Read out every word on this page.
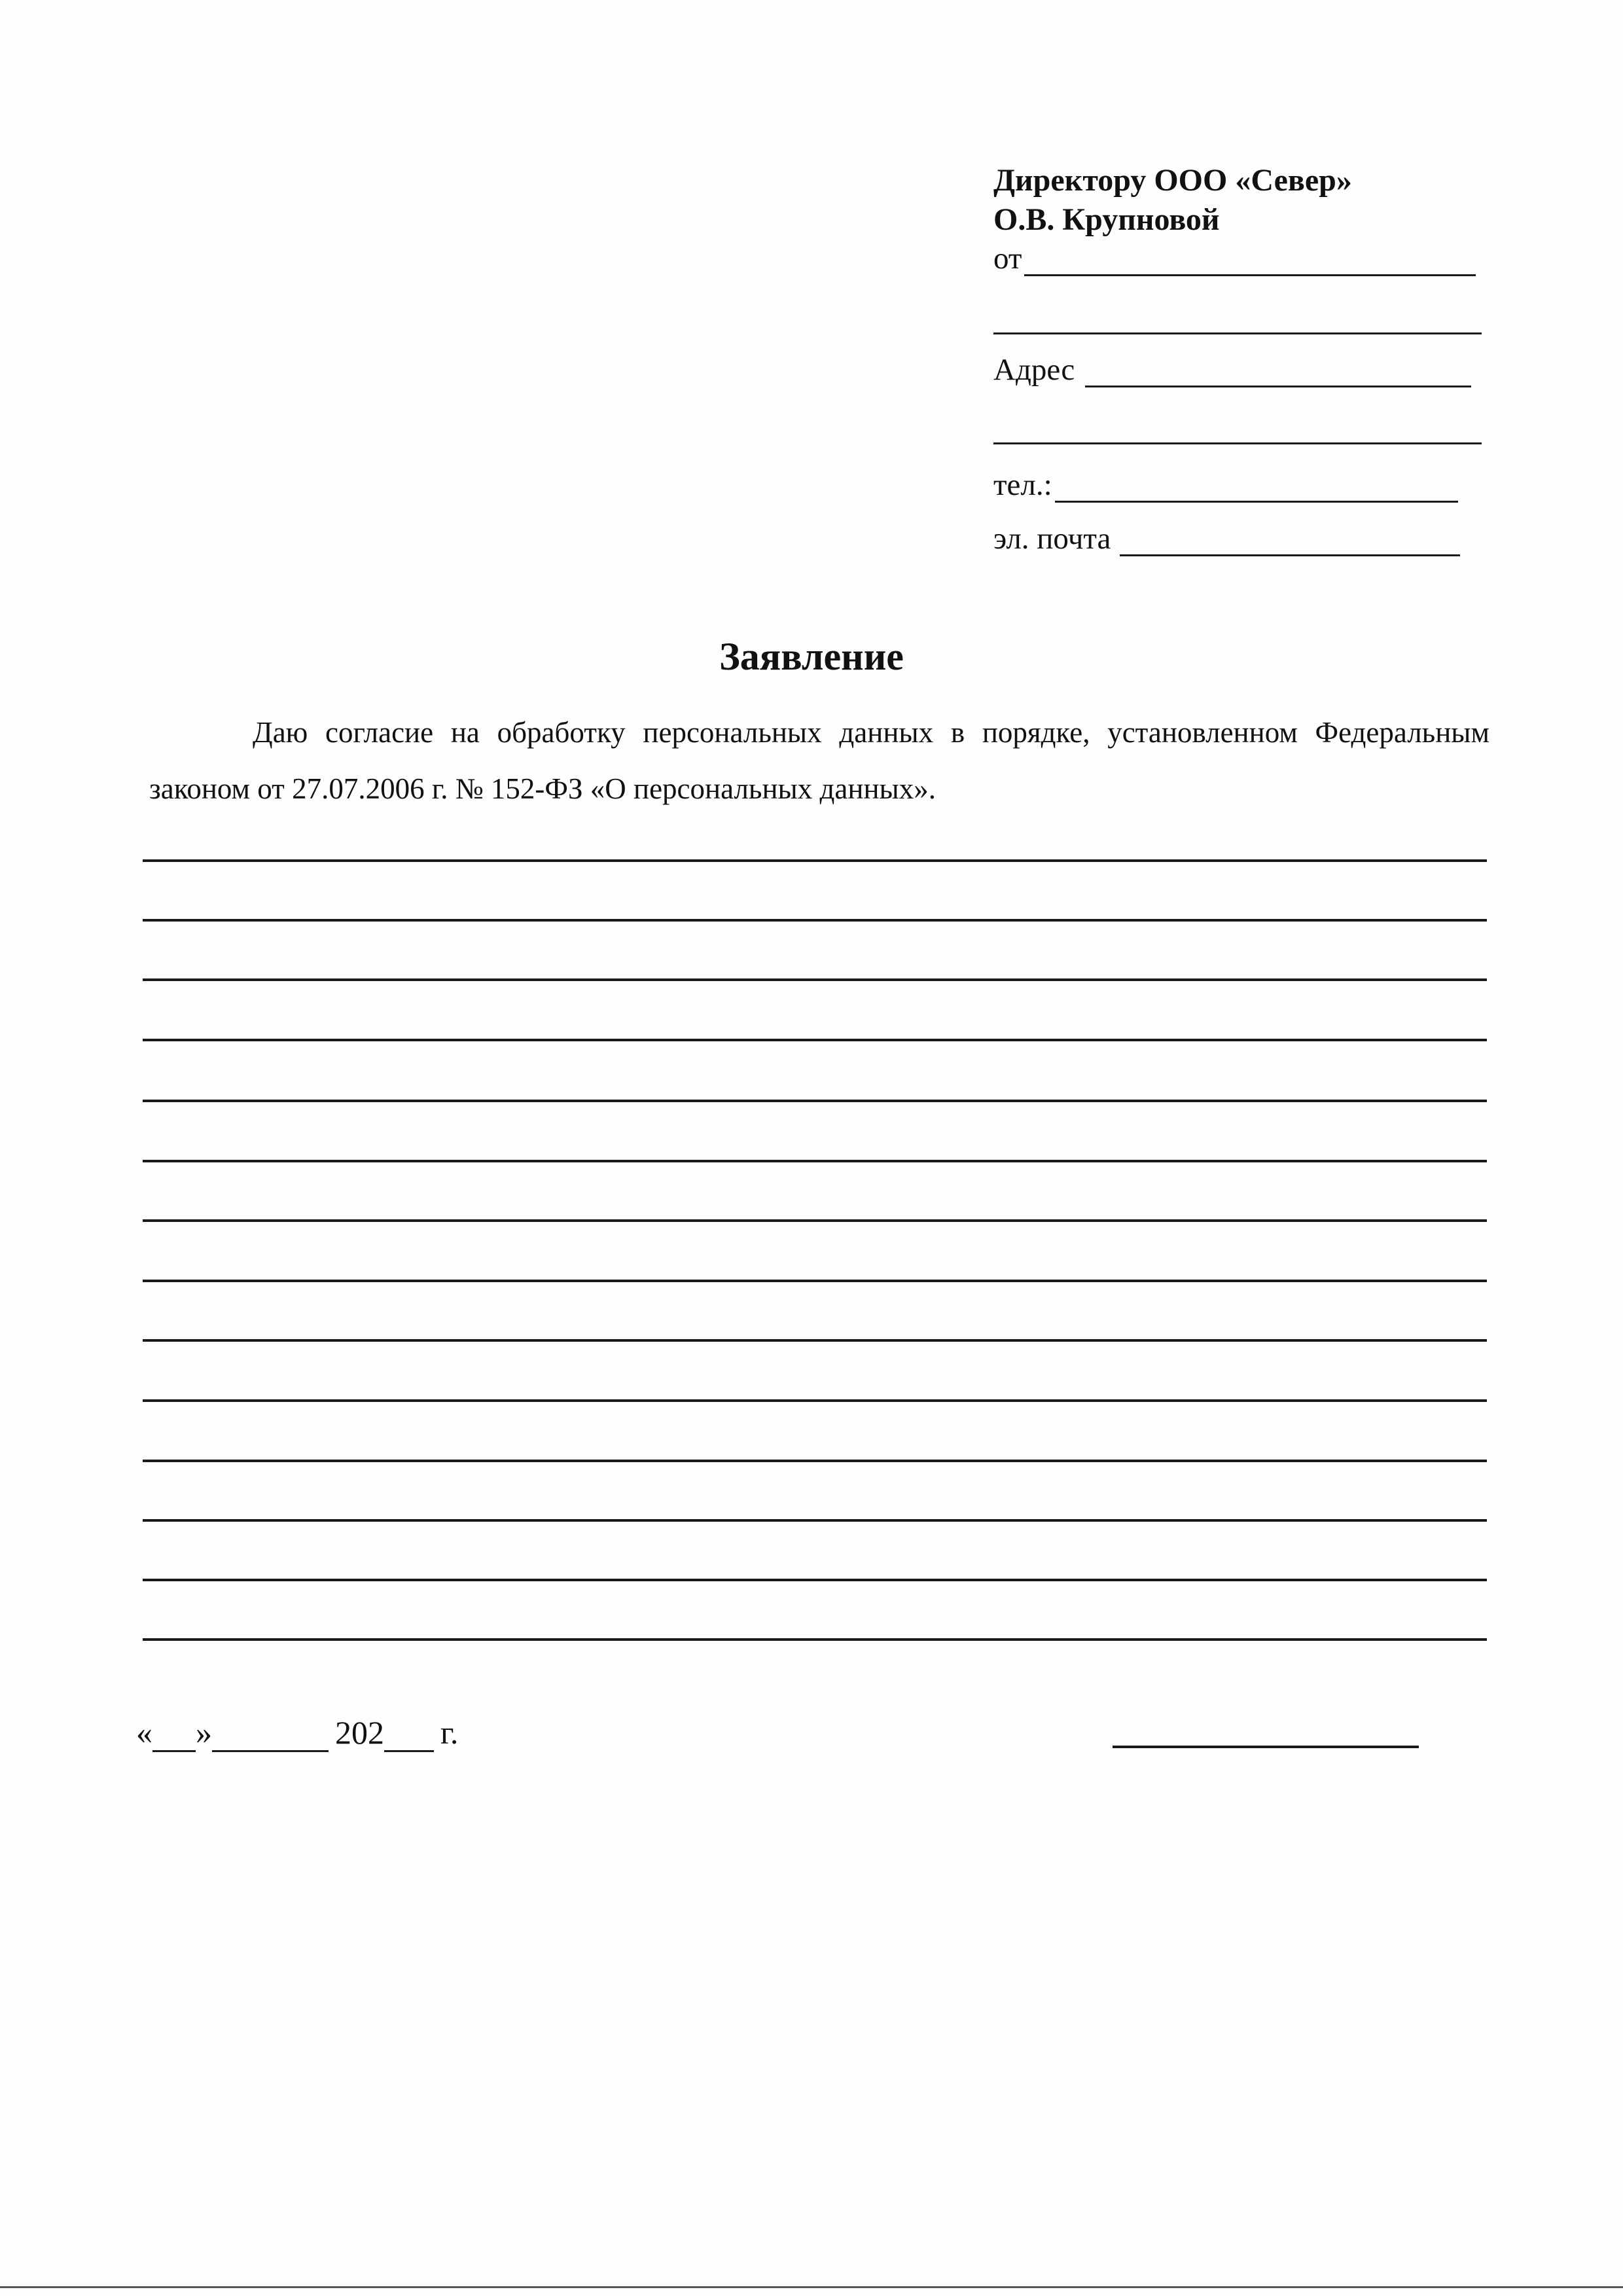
Директору ООО «Север»
О.В. Крупновой
от
Адрес
тел.:
эл. почта
Заявление
Даю согласие на обработку персональных данных в порядке, установленном Федеральным законом от 27.07.2006 г. № 152-ФЗ «О персональных данных».
« »	202 г.
